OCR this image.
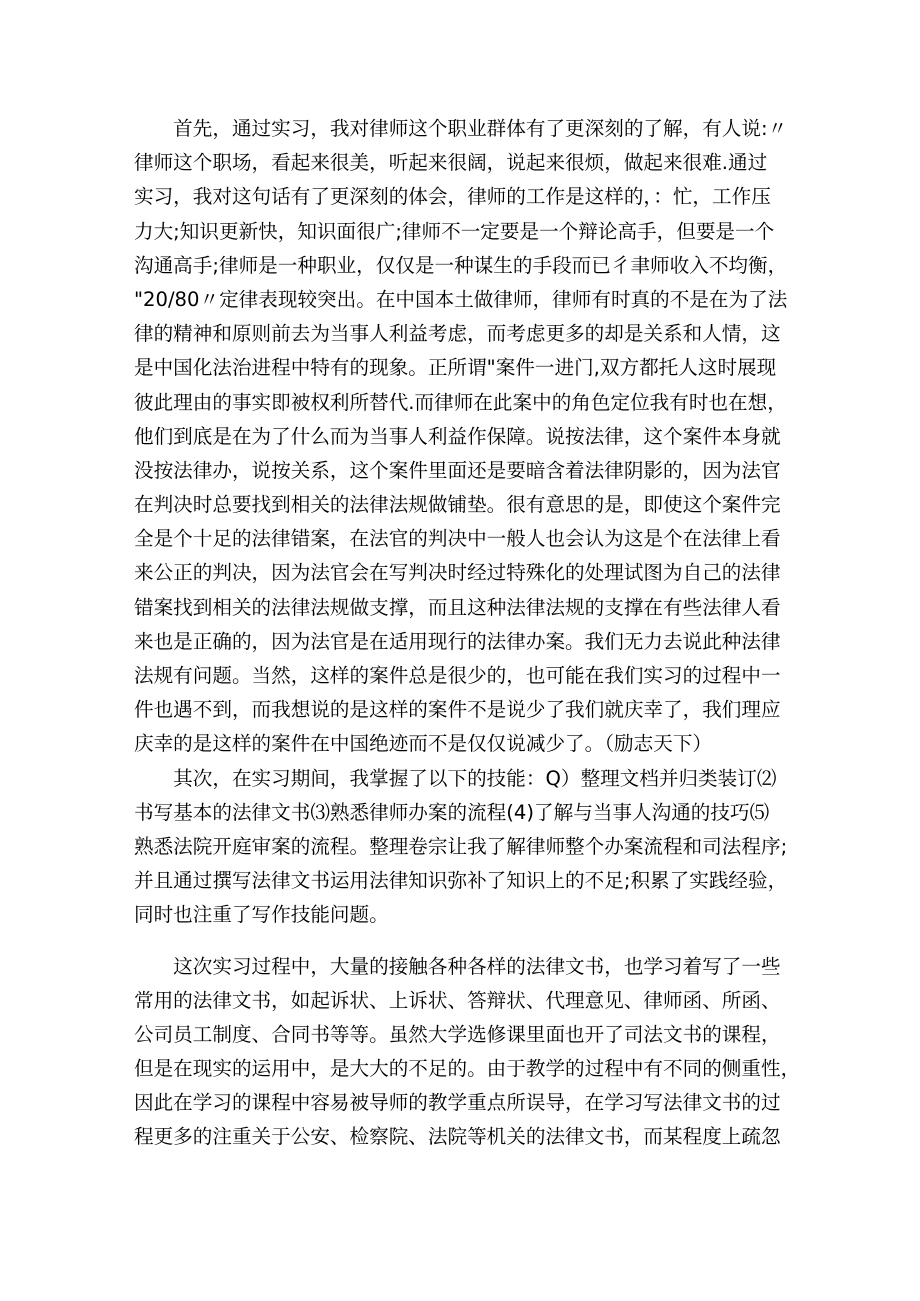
　　首先，通过实习，我对律师这个职业群体有了更深刻的了解，有人说:〃
律师这个职场，看起来很美，听起来很阔，说起来很烦，做起来很难.通过
实习，我对这句话有了更深刻的体会，律师的工作是这样的，：忙，工作压
力大;知识更新快，知识面很广;律师不一定要是一个辩论高手，但要是一个
沟通高手;律师是一种职业，仅仅是一种谋生的手段而已彳聿师收入不均衡，
"20/80〃定律表现较突出。在中国本土做律师，律师有时真的不是在为了法
律的精神和原则前去为当事人利益考虑，而考虑更多的却是关系和人情，这
是中国化法治进程中特有的现象。正所谓"案件一进门,双方都托人这时展现
彼此理由的事实即被权利所替代.而律师在此案中的角色定位我有时也在想，
他们到底是在为了什么而为当事人利益作保障。说按法律，这个案件本身就
没按法律办，说按关系，这个案件里面还是要暗含着法律阴影的，因为法官
在判决时总要找到相关的法律法规做铺垫。很有意思的是，即使这个案件完
全是个十足的法律错案，在法官的判决中一般人也会认为这是个在法律上看
来公正的判决，因为法官会在写判决时经过特殊化的处理试图为自己的法律
错案找到相关的法律法规做支撑，而且这种法律法规的支撑在有些法律人看
来也是正确的，因为法官是在适用现行的法律办案。我们无力去说此种法律
法规有问题。当然，这样的案件总是很少的，也可能在我们实习的过程中一
件也遇不到，而我想说的是这样的案件不是说少了我们就庆幸了，我们理应
庆幸的是这样的案件在中国绝迹而不是仅仅说减少了。（励志天下）
　　其次，在实习期间，我掌握了以下的技能：Q）整理文档并归类装订⑵
书写基本的法律文书⑶熟悉律师办案的流程(4)了解与当事人沟通的技巧⑸
熟悉法院开庭审案的流程。整理卷宗让我了解律师整个办案流程和司法程序;
并且通过撰写法律文书运用法律知识弥补了知识上的不足;积累了实践经验，
同时也注重了写作技能问题。
　　这次实习过程中，大量的接触各种各样的法律文书，也学习着写了一些
常用的法律文书，如起诉状、上诉状、答辩状、代理意见、律师函、所函、
公司员工制度、合同书等等。虽然大学选修课里面也开了司法文书的课程，
但是在现实的运用中，是大大的不足的。由于教学的过程中有不同的侧重性，
因此在学习的课程中容易被导师的教学重点所误导，在学习写法律文书的过
程更多的注重关于公安、检察院、法院等机关的法律文书，而某程度上疏忽
